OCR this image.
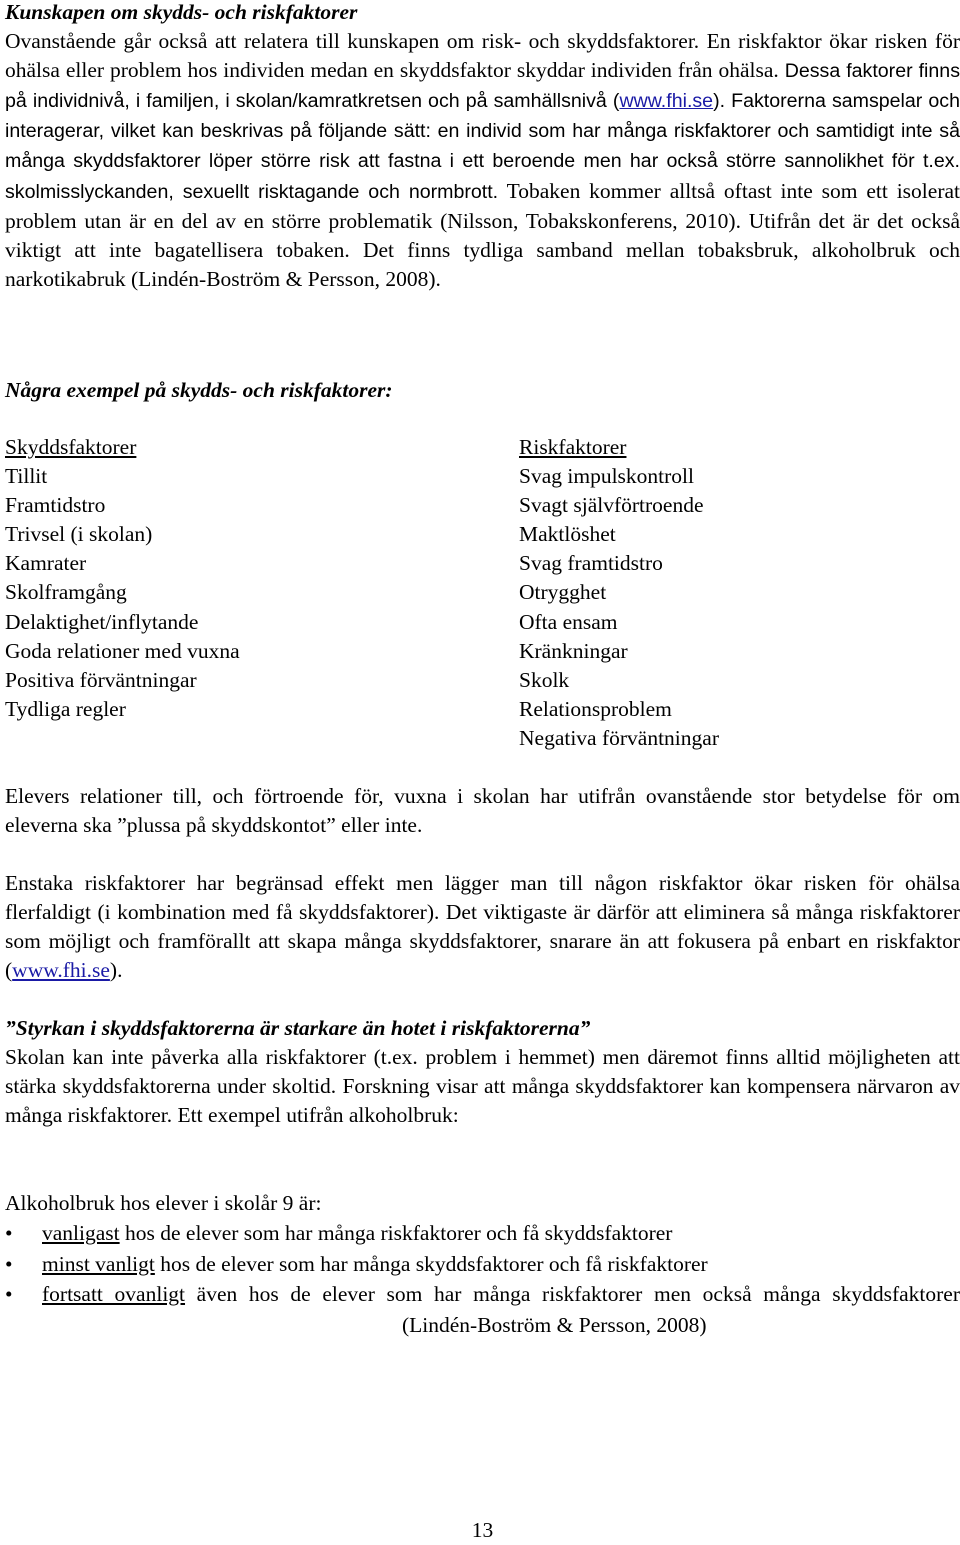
Kunskapen om skydds- och riskfaktorer
Ovanstående går också att relatera till kunskapen om risk- och skyddsfaktorer. En riskfaktor ökar risken för ohälsa eller problem hos individen medan en skyddsfaktor skyddar individen från ohälsa. Dessa faktorer finns på individnivå, i familjen, i skolan/kamratkretsen och på samhällsnivå (www.fhi.se). Faktorerna samspelar och interagerar, vilket kan beskrivas på följande sätt: en individ som har många riskfaktorer och samtidigt inte så många skyddsfaktorer löper större risk att fastna i ett beroende men har också större sannolikhet för t.ex. skolmisslyckanden, sexuellt risktagande och normbrott. Tobaken kommer alltså oftast inte som ett isolerat problem utan är en del av en större problematik (Nilsson, Tobakskonferens, 2010). Utifrån det är det också viktigt att inte bagatellisera tobaken. Det finns tydliga samband mellan tobaksbruk, alkoholbruk och narkotikabruk (Lindén-Boström & Persson, 2008).

Några exempel på skydds- och riskfaktorer:

Skyddsfaktorer
Tillit
Framtidstro
Trivsel (i skolan)
Kamrater
Skolframgång
Delaktighet/inflytande
Goda relationer med vuxna
Positiva förväntningar
Tydliga regler
Riskfaktorer
Svag impulskontroll
Svagt självförtroende
Maktlöshet
Svag framtidstro
Otrygghet
Ofta ensam
Kränkningar
Skolk
Relationsproblem
Negativa förväntningar

Elevers relationer till, och förtroende för, vuxna i skolan har utifrån ovanstående stor betydelse för om eleverna ska ”plussa på skyddskontot” eller inte.

Enstaka riskfaktorer har begränsad effekt men lägger man till någon riskfaktor ökar risken för ohälsa flerfaldigt (i kombination med få skyddsfaktorer). Det viktigaste är därför att eliminera så många riskfaktorer som möjligt och framförallt att skapa många skyddsfaktorer, snarare än att fokusera på enbart en riskfaktor (www.fhi.se).

”Styrkan i skyddsfaktorerna är starkare än hotet i riskfaktorerna”

Skolan kan inte påverka alla riskfaktorer (t.ex. problem i hemmet) men däremot finns alltid möjligheten att stärka skyddsfaktorerna under skoltid. Forskning visar att många skyddsfaktorer kan kompensera närvaron av många riskfaktorer. Ett exempel utifrån alkoholbruk:

Alkoholbruk hos elever i skolår 9 är:

• vanligast hos de elever som har många riskfaktorer och få skyddsfaktorer
• minst vanligt hos de elever som har många skyddsfaktorer och få riskfaktorer
• fortsatt ovanligt även hos de elever som har många riskfaktorer men också många skyddsfaktorer(Lindén-Boström & Persson, 2008)
13
